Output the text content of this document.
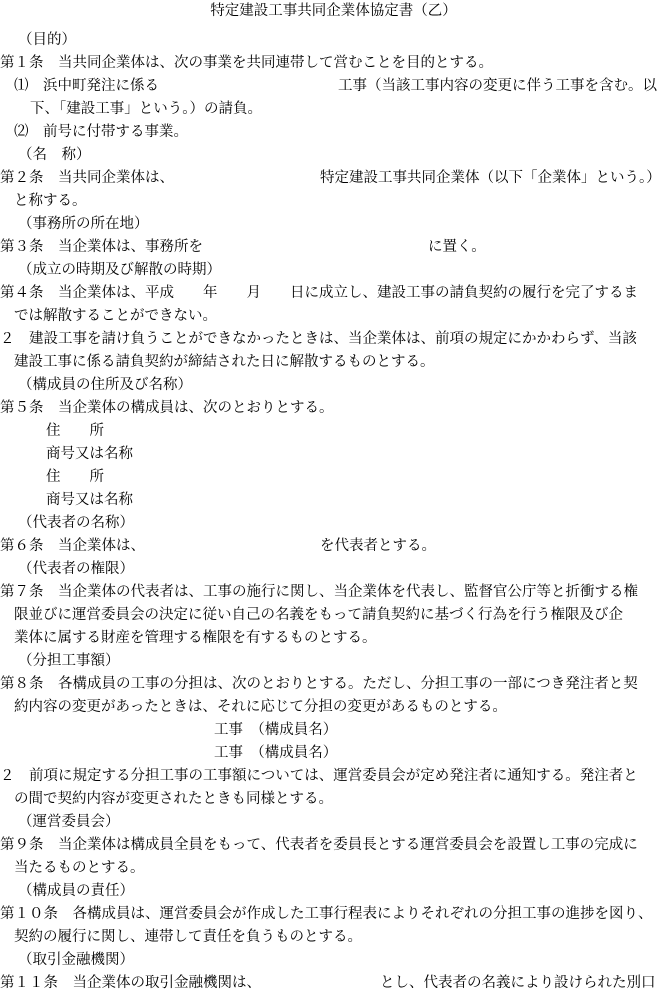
特定建設工事共同企業体協定書（乙）
（目的）
第１条　当共同企業体は、次の事業を共同連帯して営むことを目的とする。
⑴　浜中町発注に係る	工事（当該工事内容の変更に伴う工事を含む。以
下、「建設工事」という。）の請負。
⑵　前号に付帯する事業。
（名　称）
第２条　当共同企業体は、	特定建設工事共同企業体（以下「企業体」という。）
と称する。
（事務所の所在地）
第３条　当企業体は、事務所を	に置く。
（成立の時期及び解散の時期）
第４条　当企業体は、平成　　年　　月　　日に成立し、建設工事の請負契約の履行を完了するま
では解散することができない。
２　建設工事を請け負うことができなかったときは、当企業体は、前項の規定にかかわらず、当該
建設工事に係る請負契約が締結された日に解散するものとする。
（構成員の住所及び名称）
第５条　当企業体の構成員は、次のとおりとする。
住　　所
商号又は名称
住　　所
商号又は名称
（代表者の名称）
第６条　当企業体は、	を代表者とする。
（代表者の権限）
第７条　当企業体の代表者は、工事の施行に関し、当企業体を代表し、監督官公庁等と折衝する権
限並びに運営委員会の決定に従い自己の名義をもって請負契約に基づく行為を行う権限及び企
業体に属する財産を管理する権限を有するものとする。
（分担工事額）
第８条　各構成員の工事の分担は、次のとおりとする。ただし、分担工事の一部につき発注者と契
約内容の変更があったときは、それに応じて分担の変更があるものとする。
工事　（構成員名）
工事　（構成員名）
２　前項に規定する分担工事の工事額については、運営委員会が定め発注者に通知する。発注者と
の間で契約内容が変更されたときも同様とする。
（運営委員会）
第９条　当企業体は構成員全員をもって、代表者を委員長とする運営委員会を設置し工事の完成に
当たるものとする。
（構成員の責任）
第１０条　各構成員は、運営委員会が作成した工事行程表によりそれぞれの分担工事の進捗を図り、
契約の履行に関し、連帯して責任を負うものとする。
（取引金融機関）
第１１条　当企業体の取引金融機関は、	とし、代表者の名義により設けられた別口
